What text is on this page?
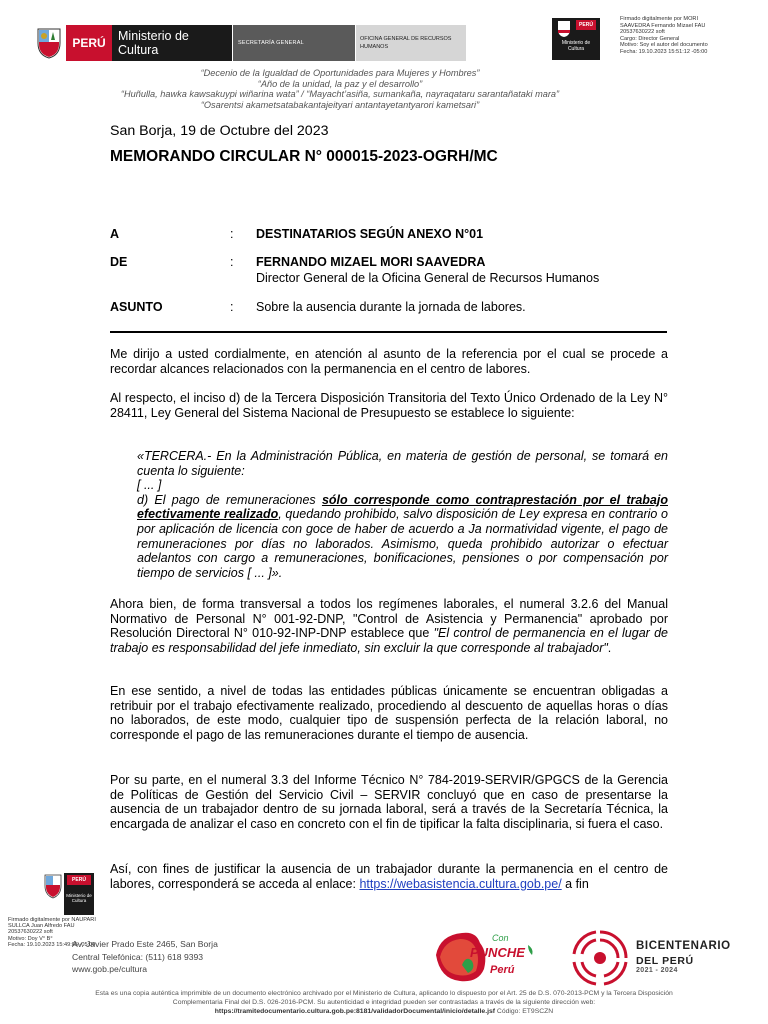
PERÚ Ministerio de Cultura	SECRETARÍA GENERAL
OFICINA GENERAL DE RECURSOS
HUMANOS
PERÚ
Ministerio de Cultura
Firmado digitalmente por MORI
SAAVEDRA Fernando Mizael FAU
20537630222 soft
Cargo: Director General
Motivo: Soy el autor del documento
Fecha: 19.10.2023 15:51:12 -05:00
“Decenio de la Igualdad de Oportunidades para Mujeres y Hombres”
“Año de la unidad, la paz y el desarrollo”
“Huñulla, hawka kawsakuypi wiñarina wata” / “Mayacht’asiña, sumankaña, nayraqataru sarantañataki mara”
“Osarentsi akametsatabakantajeityari antantayetantyarori kametsari”
San Borja, 19 de Octubre del 2023
MEMORANDO CIRCULAR N° 000015-2023-OGRH/MC
A	: DESTINATARIOS SEGÚN ANEXO N°01
DE	: FERNANDO MIZAEL MORI SAAVEDRA
Director General de la Oficina General de Recursos Humanos
ASUNTO	: Sobre la ausencia durante la jornada de labores.
Me dirijo a usted cordialmente, en atención al asunto de la referencia por el cual se procede a recordar alcances relacionados con la permanencia en el centro de labores.
Al respecto, el inciso d) de la Tercera Disposición Transitoria del Texto Único Ordenado de la Ley N° 28411, Ley General del Sistema Nacional de Presupuesto se establece lo siguiente:
«TERCERA.- En la Administración Pública, en materia de gestión de personal, se tomará en cuenta lo siguiente:
[ ... ]
d) El pago de remuneraciones sólo corresponde como contraprestación por el trabajo efectivamente realizado, quedando prohibido, salvo disposición de Ley expresa en contrario o por aplicación de licencia con goce de haber de acuerdo a Ja normatividad vigente, el pago de remuneraciones por días no laborados. Asimismo, queda prohibido autorizar o efectuar adelantos con cargo a remuneraciones, bonificaciones, pensiones o por compensación por tiempo de servicios [ ... ]».
Ahora bien, de forma transversal a todos los regímenes laborales, el numeral 3.2.6 del Manual Normativo de Personal N° 001-92-DNP, "Control de Asistencia y Permanencia" aprobado por Resolución Directoral N° 010-92-INP-DNP establece que "El control de permanencia en el lugar de trabajo es responsabilidad del jefe inmediato, sin excluir la que corresponde al trabajador".
En ese sentido, a nivel de todas las entidades públicas únicamente se encuentran obligadas a retribuir por el trabajo efectivamente realizado, procediendo al descuento de aquellas horas o días no laborados, de este modo, cualquier tipo de suspensión perfecta de la relación laboral, no corresponde el pago de las remuneraciones durante el tiempo de ausencia.
Por su parte, en el numeral 3.3 del Informe Técnico N° 784-2019-SERVIR/GPGCS de la Gerencia de Políticas de Gestión del Servicio Civil – SERVIR concluyó que en caso de presentarse la ausencia de un trabajador dentro de su jornada laboral, será a través de la Secretaría Técnica, la encargada de analizar el caso en concreto con el fin de tipificar la falta disciplinaria, si fuera el caso.
Así, con fines de justificar la ausencia de un trabajador durante la permanencia en el centro de labores, corresponderá se acceda al enlace: https://webasistencia.cultura.gob.pe/ a fin
PERÚ
Ministerio de Cultura
Firmado digitalmente por NAUPARI
SULLCA Juan Alfredo FAU
20537630222 soft
Motivo: Doy V° B°
Fecha: 19.10.2023 15:49:05 -05:00
Av. Javier Prado Este 2465, San Borja
Central Telefónica: (511) 618 9393
www.gob.pe/cultura
Con
PUNCHE
Perú
BICENTENARIO
DEL PERÚ
2021 - 2024
Esta es una copia auténtica imprimible de un documento electrónico archivado por el Ministerio de Cultura, aplicando lo dispuesto por el Art. 25 de D.S. 070-2013-PCM y la Tercera Disposición
Complementaria Final del D.S. 026-2016-PCM. Su autenticidad e integridad pueden ser contrastadas a través de la siguiente dirección web:
https://tramitedocumentario.cultura.gob.pe:8181/validadorDocumental/inicio/detalle.jsf Código: ET9SCZN
